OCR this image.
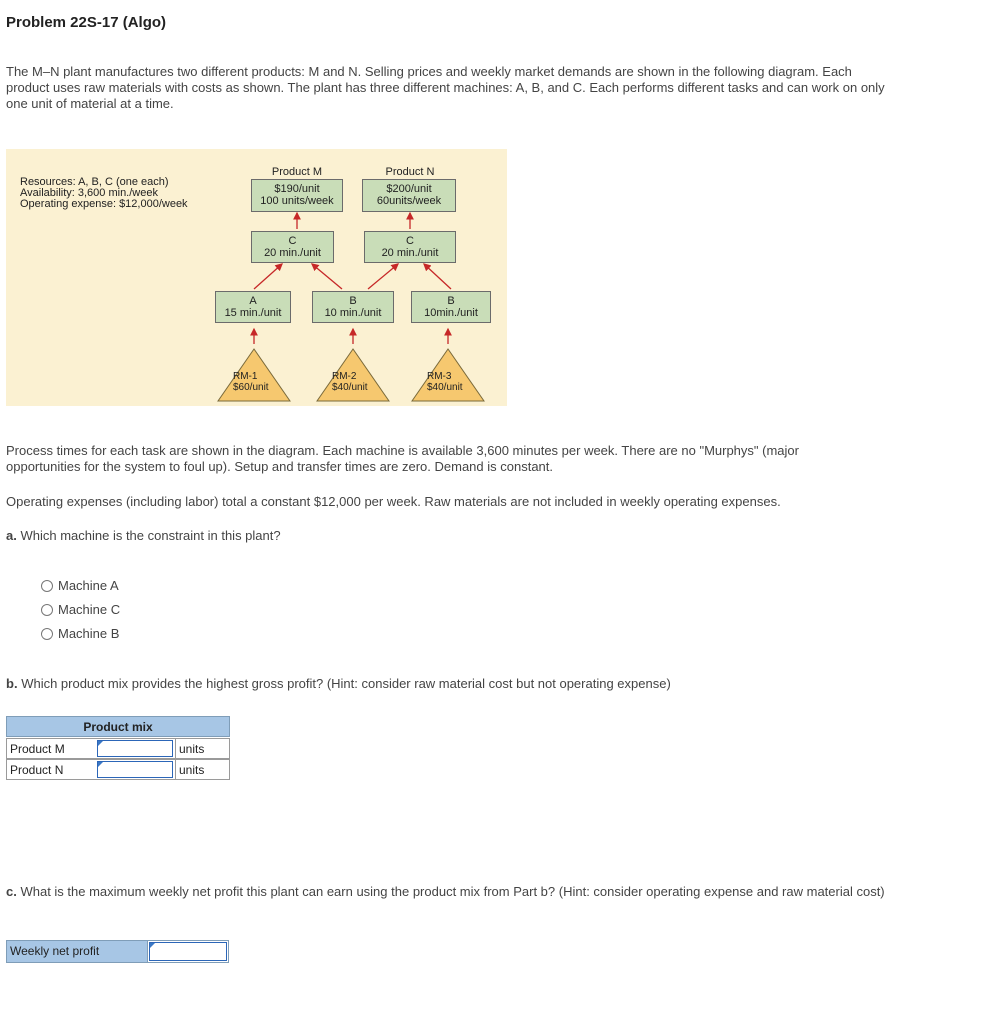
Problem 22S-17 (Algo)
The M–N plant manufactures two different products: M and N. Selling prices and weekly market demands are shown in the following diagram. Each product uses raw materials with costs as shown. The plant has three different machines: A, B, and C. Each performs different tasks and can work on only one unit of material at a time.
Resources: A, B, C (one each)
Availability: 3,600 min./week
Operating expense: $12,000/week
Product M
$190/unit
100 units/week
Product N
$200/unit
60units/week
C
20 min./unit
C
20 min./unit
A
15 min./unit
B
10 min./unit
B
10min./unit
RM-1
$60/unit
RM-2
$40/unit
RM-3
$40/unit
Process times for each task are shown in the diagram. Each machine is available 3,600 minutes per week. There are no "Murphys" (major opportunities for the system to foul up). Setup and transfer times are zero. Demand is constant.
Operating expenses (including labor) total a constant $12,000 per week. Raw materials are not included in weekly operating expenses.
a. Which machine is the constraint in this plant?
Machine A
Machine C
Machine B
b. Which product mix provides the highest gross profit? (Hint: consider raw material cost but not operating expense)
Product mix
Product M	units
Product N	units
c. What is the maximum weekly net profit this plant can earn using the product mix from Part b? (Hint: consider operating expense and raw material cost)
Weekly net profit
